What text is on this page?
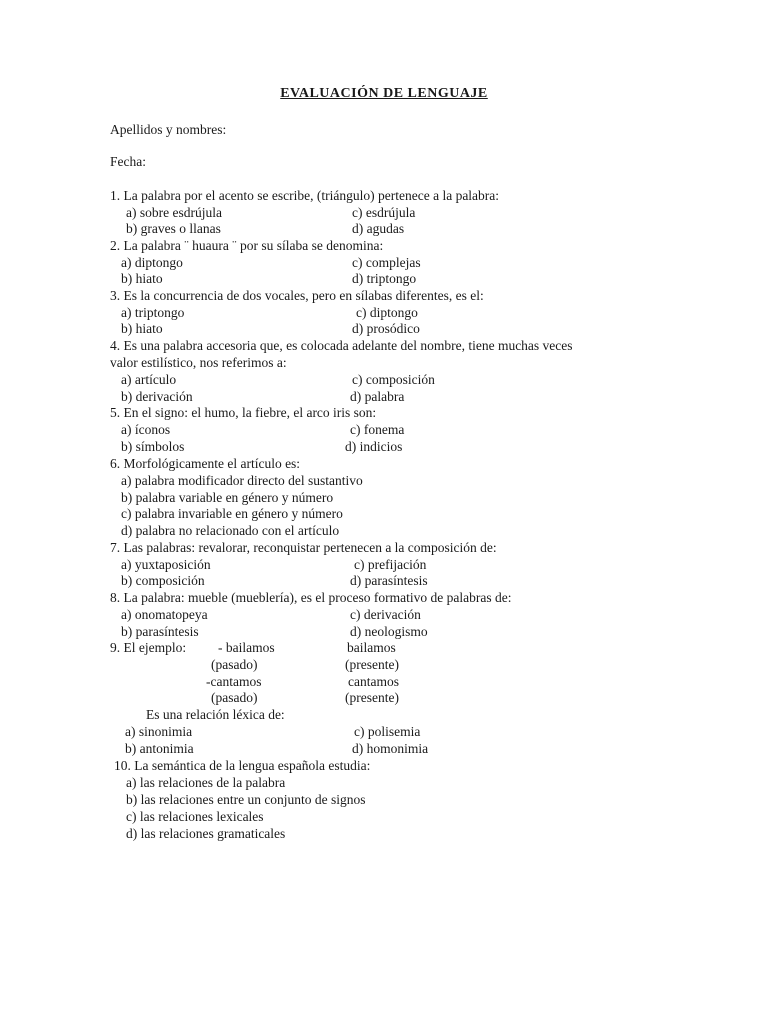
EVALUACIÓN DE LENGUAJE
Apellidos y nombres:
Fecha:
1. La palabra por el acento se escribe, (triángulo) pertenece a la palabra:
a) sobre esdrújula
b) graves o llanas
c) esdrújula
d) agudas
2. La palabra ¨ huaura ¨ por su sílaba se denomina:
a) diptongo
b) hiato
c) complejas
d) triptongo
3. Es la concurrencia de dos vocales, pero en sílabas diferentes, es el:
a) triptongo
b) hiato
c) diptongo
d) prosódico
4. Es una palabra accesoria que, es colocada adelante del nombre, tiene muchas veces
valor estilístico, nos referimos a:
a) artículo
b) derivación
c) composición
d) palabra
5. En el signo: el humo, la fiebre, el arco iris son:
a) íconos
b) símbolos
c) fonema
d) indicios
6. Morfológicamente el artículo es:
a) palabra modificador directo del sustantivo
b) palabra variable en género y número
c) palabra invariable en género y número
d) palabra no relacionado con el artículo
7. Las palabras: revalorar, reconquistar pertenecen a la composición de:
a) yuxtaposición
b) composición
c) prefijación
d) parasíntesis
8. La palabra: mueble (mueblería), es el proceso formativo de palabras de:
a) onomatopeya
b) parasíntesis
c) derivación
d) neologismo
9. El ejemplo: - bailamos	bailamos
(pasado)	(presente)
-cantamos	cantamos
(pasado)	(presente)
Es una relación léxica de:
a) sinonimia
b) antonimia
c) polisemia
d) homonimia
10. La semántica de la lengua española estudia:
a) las relaciones de la palabra
b) las relaciones entre un conjunto de signos
c) las relaciones lexicales
d) las relaciones gramaticales
